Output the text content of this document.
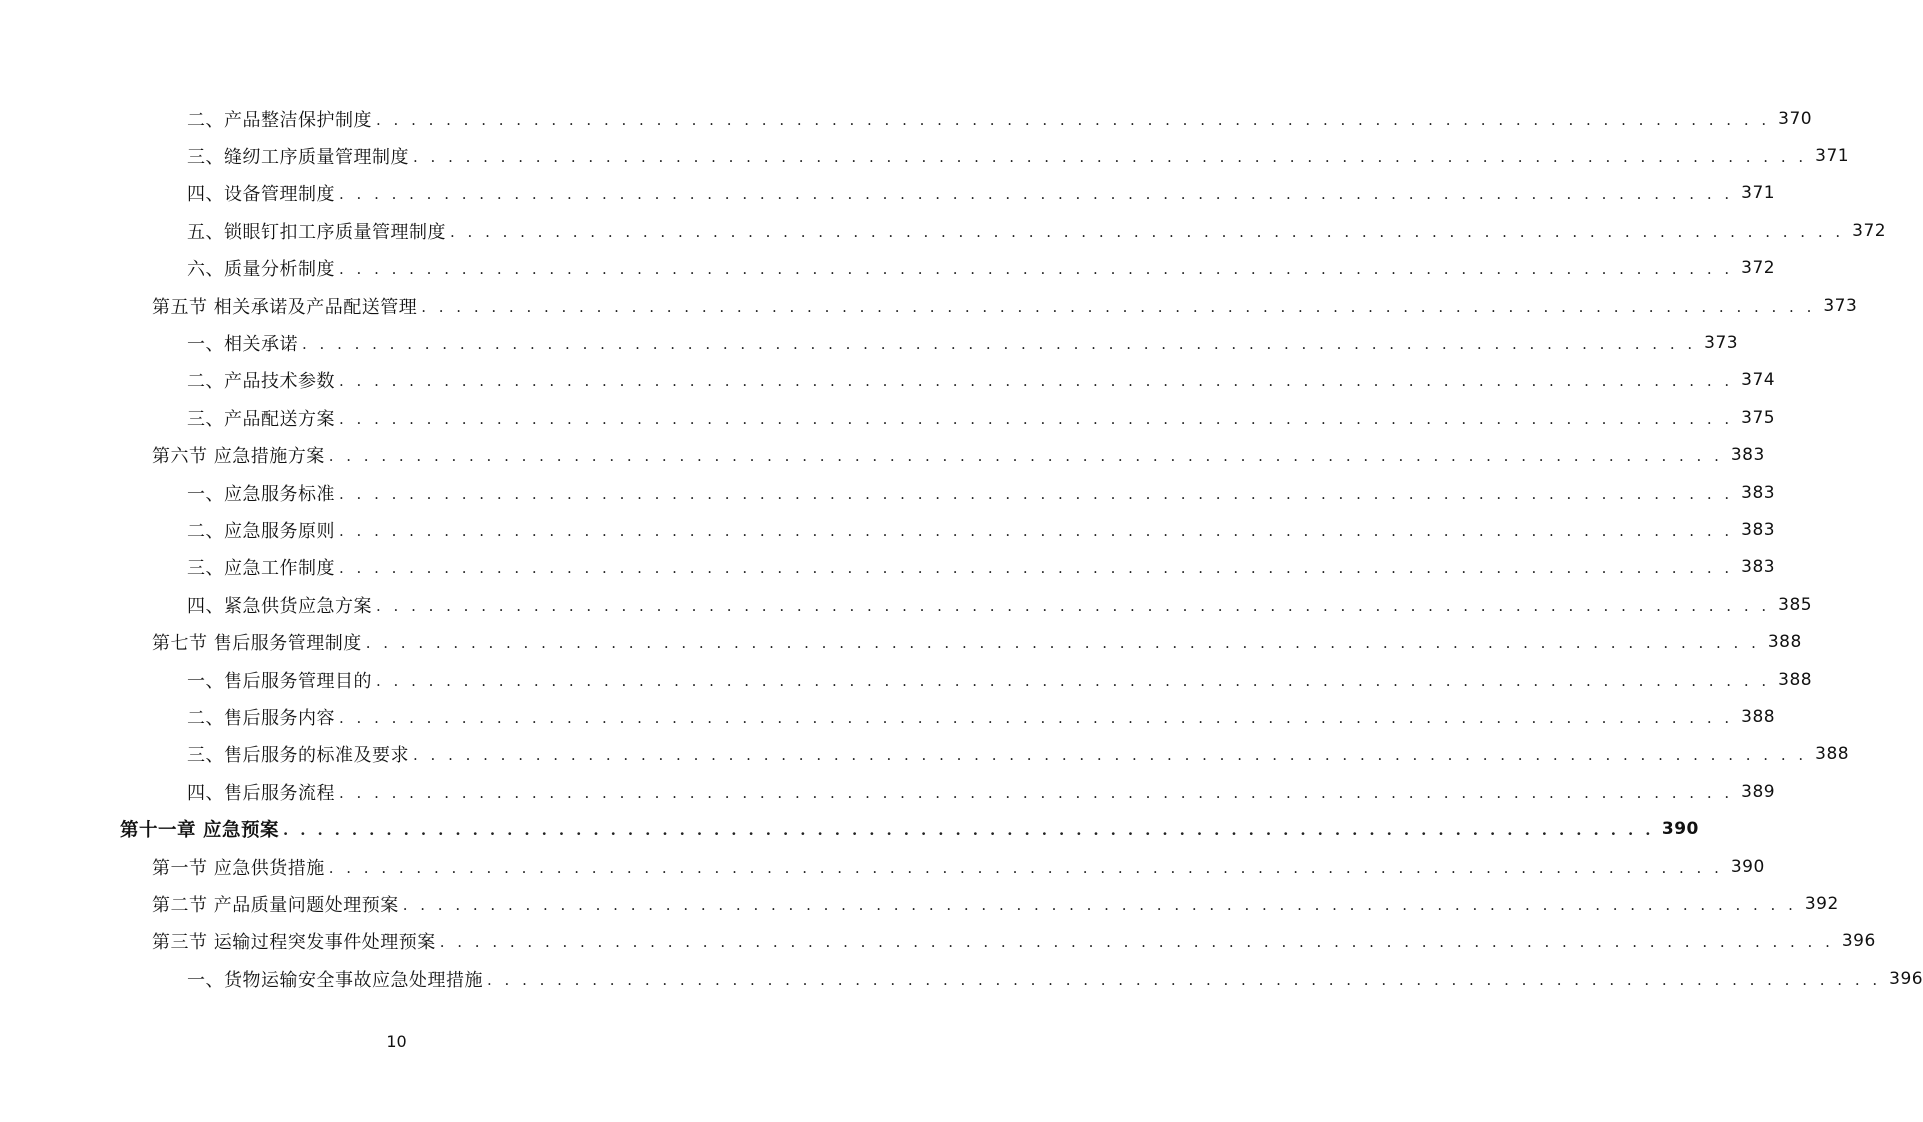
二、产品整洁保护制度 . . . . . . . . . . . . . . . . . . . . . . . . . . . . . . . . . . . . . . . . . . . . . . . . . . . . . . . . . . . . . . . . . . . . . . . . . . . . . . . . 370
三、缝纫工序质量管理制度 . . . . . . . . . . . . . . . . . . . . . . . . . . . . . . . . . . . . . . . . . . . . . . . . . . . . . . . . . . . . . . . . . . . . . . . . . . . . . . . . 371
四、设备管理制度 . . . . . . . . . . . . . . . . . . . . . . . . . . . . . . . . . . . . . . . . . . . . . . . . . . . . . . . . . . . . . . . . . . . . . . . . . . . . . . . . 371
五、锁眼钉扣工序质量管理制度 . . . . . . . . . . . . . . . . . . . . . . . . . . . . . . . . . . . . . . . . . . . . . . . . . . . . . . . . . . . . . . . . . . . . . . . . . . . . . . . . 372
六、质量分析制度 . . . . . . . . . . . . . . . . . . . . . . . . . . . . . . . . . . . . . . . . . . . . . . . . . . . . . . . . . . . . . . . . . . . . . . . . . . . . . . . . 372
第五节 相关承诺及产品配送管理 . . . . . . . . . . . . . . . . . . . . . . . . . . . . . . . . . . . . . . . . . . . . . . . . . . . . . . . . . . . . . . . . . . . . . . . . . . . . . . . . 373
一、相关承诺 . . . . . . . . . . . . . . . . . . . . . . . . . . . . . . . . . . . . . . . . . . . . . . . . . . . . . . . . . . . . . . . . . . . . . . . . . . . . . . . . 373
二、产品技术参数 . . . . . . . . . . . . . . . . . . . . . . . . . . . . . . . . . . . . . . . . . . . . . . . . . . . . . . . . . . . . . . . . . . . . . . . . . . . . . . . . 374
三、产品配送方案 . . . . . . . . . . . . . . . . . . . . . . . . . . . . . . . . . . . . . . . . . . . . . . . . . . . . . . . . . . . . . . . . . . . . . . . . . . . . . . . . 375
第六节 应急措施方案 . . . . . . . . . . . . . . . . . . . . . . . . . . . . . . . . . . . . . . . . . . . . . . . . . . . . . . . . . . . . . . . . . . . . . . . . . . . . . . . . 383
一、应急服务标准 . . . . . . . . . . . . . . . . . . . . . . . . . . . . . . . . . . . . . . . . . . . . . . . . . . . . . . . . . . . . . . . . . . . . . . . . . . . . . . . . 383
二、应急服务原则 . . . . . . . . . . . . . . . . . . . . . . . . . . . . . . . . . . . . . . . . . . . . . . . . . . . . . . . . . . . . . . . . . . . . . . . . . . . . . . . . 383
三、应急工作制度 . . . . . . . . . . . . . . . . . . . . . . . . . . . . . . . . . . . . . . . . . . . . . . . . . . . . . . . . . . . . . . . . . . . . . . . . . . . . . . . . 383
四、紧急供货应急方案 . . . . . . . . . . . . . . . . . . . . . . . . . . . . . . . . . . . . . . . . . . . . . . . . . . . . . . . . . . . . . . . . . . . . . . . . . . . . . . . . 385
第七节 售后服务管理制度 . . . . . . . . . . . . . . . . . . . . . . . . . . . . . . . . . . . . . . . . . . . . . . . . . . . . . . . . . . . . . . . . . . . . . . . . . . . . . . . . 388
一、售后服务管理目的 . . . . . . . . . . . . . . . . . . . . . . . . . . . . . . . . . . . . . . . . . . . . . . . . . . . . . . . . . . . . . . . . . . . . . . . . . . . . . . . . 388
二、售后服务内容 . . . . . . . . . . . . . . . . . . . . . . . . . . . . . . . . . . . . . . . . . . . . . . . . . . . . . . . . . . . . . . . . . . . . . . . . . . . . . . . . 388
三、售后服务的标准及要求 . . . . . . . . . . . . . . . . . . . . . . . . . . . . . . . . . . . . . . . . . . . . . . . . . . . . . . . . . . . . . . . . . . . . . . . . . . . . . . . . 388
四、售后服务流程 . . . . . . . . . . . . . . . . . . . . . . . . . . . . . . . . . . . . . . . . . . . . . . . . . . . . . . . . . . . . . . . . . . . . . . . . . . . . . . . . 389
第十一章 应急预案 . . . . . . . . . . . . . . . . . . . . . . . . . . . . . . . . . . . . . . . . . . . . . . . . . . . . . . . . . . . . . . . . . . . . . . . . . . . . . . . . 390
第一节 应急供货措施 . . . . . . . . . . . . . . . . . . . . . . . . . . . . . . . . . . . . . . . . . . . . . . . . . . . . . . . . . . . . . . . . . . . . . . . . . . . . . . . . 390
第二节 产品质量问题处理预案 . . . . . . . . . . . . . . . . . . . . . . . . . . . . . . . . . . . . . . . . . . . . . . . . . . . . . . . . . . . . . . . . . . . . . . . . . . . . . . . . 392
第三节 运输过程突发事件处理预案 . . . . . . . . . . . . . . . . . . . . . . . . . . . . . . . . . . . . . . . . . . . . . . . . . . . . . . . . . . . . . . . . . . . . . . . . . . . . . . . . 396
一、货物运输安全事故应急处理措施 . . . . . . . . . . . . . . . . . . . . . . . . . . . . . . . . . . . . . . . . . . . . . . . . . . . . . . . . . . . . . . . . . . . . . . . . . . . . . . . . 396
10
